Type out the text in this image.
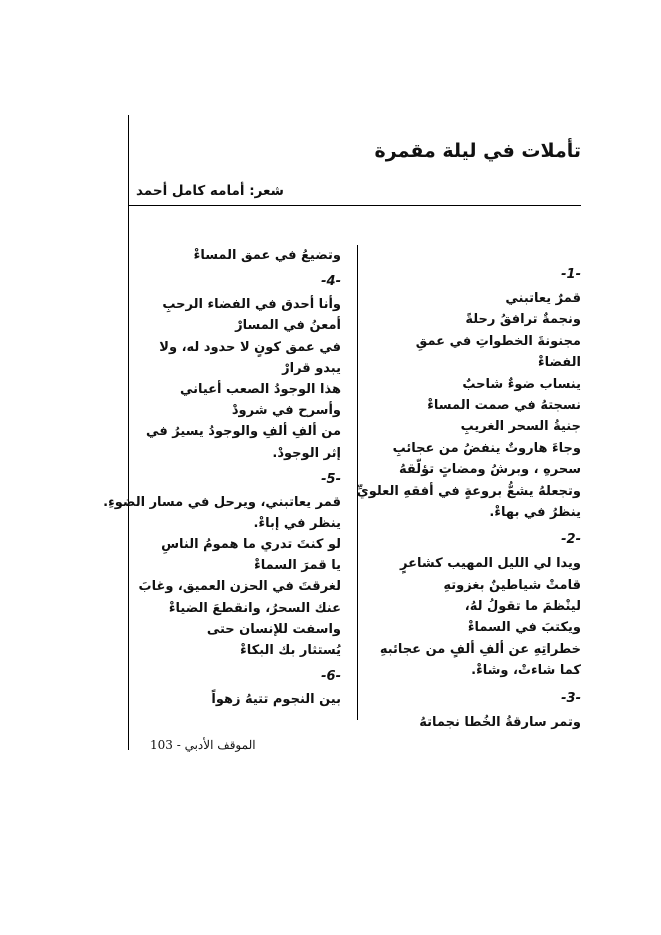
تأملات في ليلة مقمرة
شعر: أمامه كامل أحمد
-1-
قمرٌ يعاتبني
ونجمةٌ ترافقُ رحلةً
مجنونةَ الخطواتِ في عمقِ
الفضاءْ
ينساب ضوءٌ شاحبٌ
نسجتهُ في صمت المساءْ
جنيةُ السحر الغريبِ
وجاءَ هاروتٌ ينفضُ من عجائبِ
سحرهِ ، وبرشُ ومضاتٍ تؤلّقهُ
وتجعلهُ يشعُّ بروعةٍ في أفقهِ العلويِّ
ينظرُ في بهاءْ.
-2-
ويدا لي الليل المهيب كشاعرٍ
قامتْ شياطينٌ بغزوتهِ
لينْظمَ ما تقولُ لهُ،
ويكتبَ في السماءْ
خطراتِهِ عن ألفِ ألفٍ من عجائبهِ
كما شاءتْ، وشاءْ.
-3-
وتمر سارقةُ الخُطا نجماتهُ
وتضيعُ في عمق المساءْ
-4-
وأنا أحدق في الفضاء الرحبِ
أمعنُ في المسارْ
في عمق كونٍ لا حدود له، ولا
يبدو قرارْ
هذا الوجودُ الصعب أعياني
وأسرح في شرودْ
من ألفِ ألفِ والوجودُ يسيرُ في
إثر الوجودْ.
-5-
قمر يعاتبني، ويرحل في مسار الضوءِ.
ينظر في إباءْ.
لو كنتَ تدري ما همومُ الناسِ
يا قمرَ السماءْ
لغرقتَ في الحزن العميق، وغابَ
عنك السحرُ، وانقطعَ الضياءْ
واسفت للإنسان حتى
يُستثار بك البكاءْ
-6-
بين النجوم تتيهُ زهواً
الموقف الأدبي - 103
